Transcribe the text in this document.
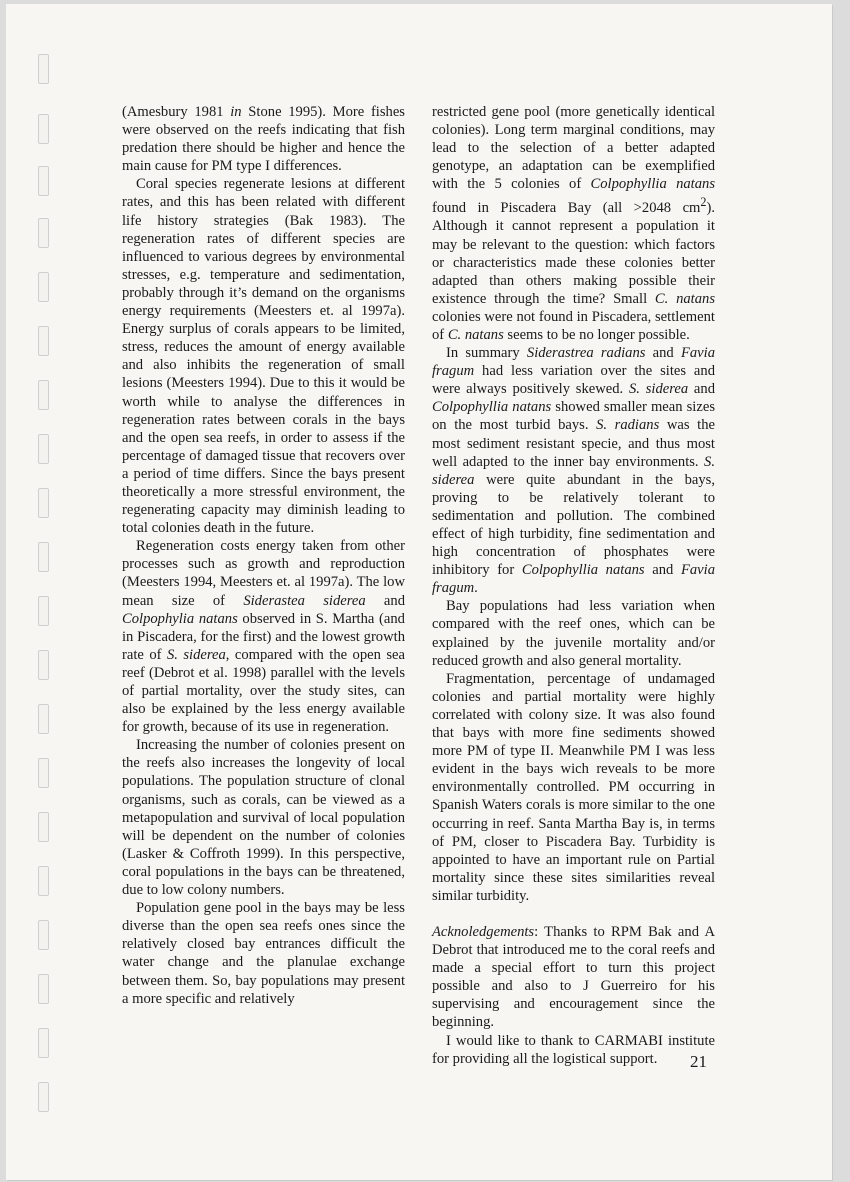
(Amesbury 1981 in Stone 1995). More fishes were observed on the reefs indicating that fish predation there should be higher and hence the main cause for PM type I differences.

Coral species regenerate lesions at different rates, and this has been related with different life history strategies (Bak 1983). The regeneration rates of different species are influenced to various degrees by environmental stresses, e.g. temperature and sedimentation, probably through it’s demand on the organisms energy requirements (Meesters et. al 1997a). Energy surplus of corals appears to be limited, stress, reduces the amount of energy available and also inhibits the regeneration of small lesions (Meesters 1994). Due to this it would be worth while to analyse the differences in regeneration rates between corals in the bays and the open sea reefs, in order to assess if the percentage of damaged tissue that recovers over a period of time differs. Since the bays present theoretically a more stressful environment, the regenerating capacity may diminish leading to total colonies death in the future.

Regeneration costs energy taken from other processes such as growth and reproduction (Meesters 1994, Meesters et. al 1997a). The low mean size of Siderastea siderea and Colpophylia natans observed in S. Martha (and in Piscadera, for the first) and the lowest growth rate of S. siderea, compared with the open sea reef (Debrot et al. 1998) parallel with the levels of partial mortality, over the study sites, can also be explained by the less energy available for growth, because of its use in regeneration.

Increasing the number of colonies present on the reefs also increases the longevity of local populations. The population structure of clonal organisms, such as corals, can be viewed as a metapopulation and survival of local population will be dependent on the number of colonies (Lasker & Coffroth 1999). In this perspective, coral populations in the bays can be threatened, due to low colony numbers.

Population gene pool in the bays may be less diverse than the open sea reefs ones since the relatively closed bay entrances difficult the water change and the planulae exchange between them. So, bay populations may present a more specific and relatively

restricted gene pool (more genetically identical colonies). Long term marginal conditions, may lead to the selection of a better adapted genotype, an adaptation can be exemplified with the 5 colonies of Colpophyllia natans found in Piscadera Bay (all >2048 $cm^2$). Although it cannot represent a population it may be relevant to the question: which factors or characteristics made these colonies better adapted than others making possible their existence through the time? Small C. natans colonies were not found in Piscadera, settlement of C. natans seems to be no longer possible.

In summary Siderastrea radians and Favia fragum had less variation over the sites and were always positively skewed. S. siderea and Colpophyllia natans showed smaller mean sizes on the most turbid bays. S. radians was the most sediment resistant specie, and thus most well adapted to the inner bay environments. S. siderea were quite abundant in the bays, proving to be relatively tolerant to sedimentation and pollution. The combined effect of high turbidity, fine sedimentation and high concentration of phosphates were inhibitory for Colpophyllia natans and Favia fragum.

Bay populations had less variation when compared with the reef ones, which can be explained by the juvenile mortality and/or reduced growth and also general mortality.

Fragmentation, percentage of undamaged colonies and partial mortality were highly correlated with colony size. It was also found that bays with more fine sediments showed more PM of type II. Meanwhile PM I was less evident in the bays wich reveals to be more environmentally controlled. PM occurring in Spanish Waters corals is more similar to the one occurring in reef. Santa Martha Bay is, in terms of PM, closer to Piscadera Bay. Turbidity is appointed to have an important rule on Partial mortality since these sites similarities reveal similar turbidity.

Acknoledgements: Thanks to RPM Bak and A Debrot that introduced me to the coral reefs and made a special effort to turn this project possible and also to J Guerreiro for his supervising and encouragement since the beginning.

I would like to thank to CARMABI institute for providing all the logistical support.	21
